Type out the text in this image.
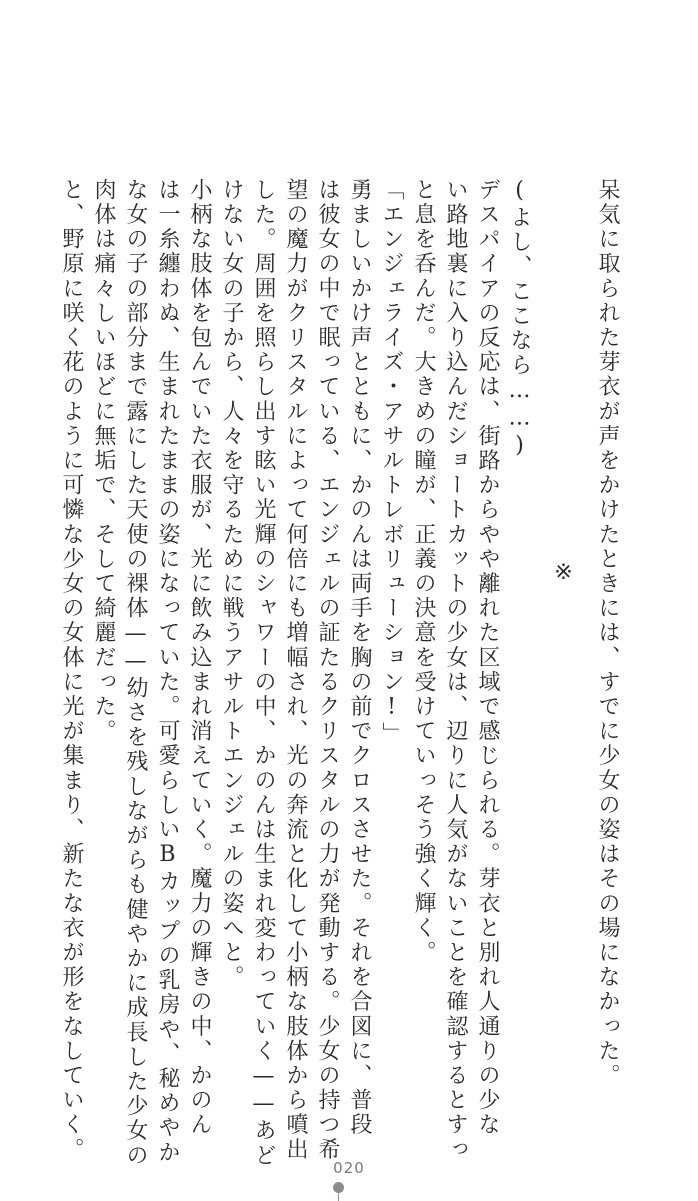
呆気に取られた芽衣が声をかけたときには、すでに少女の姿はその場になかった。
※
(よし、ここなら……)
デスパイアの反応は、街路からやや離れた区域で感じられる。芽衣と別れ人通りの少な
い路地裏に入り込んだショートカットの少女は、辺りに人気がないことを確認するとすっ
と息を呑んだ。大きめの瞳が、正義の決意を受けていっそう強く輝く。
「エンジェライズ・アサルトレボリューション!」
勇ましいかけ声とともに、かのんは両手を胸の前でクロスさせた。それを合図に、普段
は彼女の中で眠っている、エンジェルの証たるクリスタルの力が発動する。少女の持つ希
望の魔力がクリスタルによって何倍にも増幅され、光の奔流と化して小柄な肢体から噴出
した。周囲を照らし出す眩い光輝のシャワーの中、かのんは生まれ変わっていく——あど
けない女の子から、人々を守るために戦うアサルトエンジェルの姿へと。
小柄な肢体を包んでいた衣服が、光に飲み込まれ消えていく。魔力の輝きの中、かのん
は一糸纏わぬ、生まれたままの姿になっていた。可愛らしいBカップの乳房や、秘めやか
な女の子の部分まで露にした天使の裸体——幼さを残しながらも健やかに成長した少女の
肉体は痛々しいほどに無垢で、そして綺麗だった。
と、野原に咲く花のように可憐な少女の女体に光が集まり、新たな衣が形をなしていく。
020
